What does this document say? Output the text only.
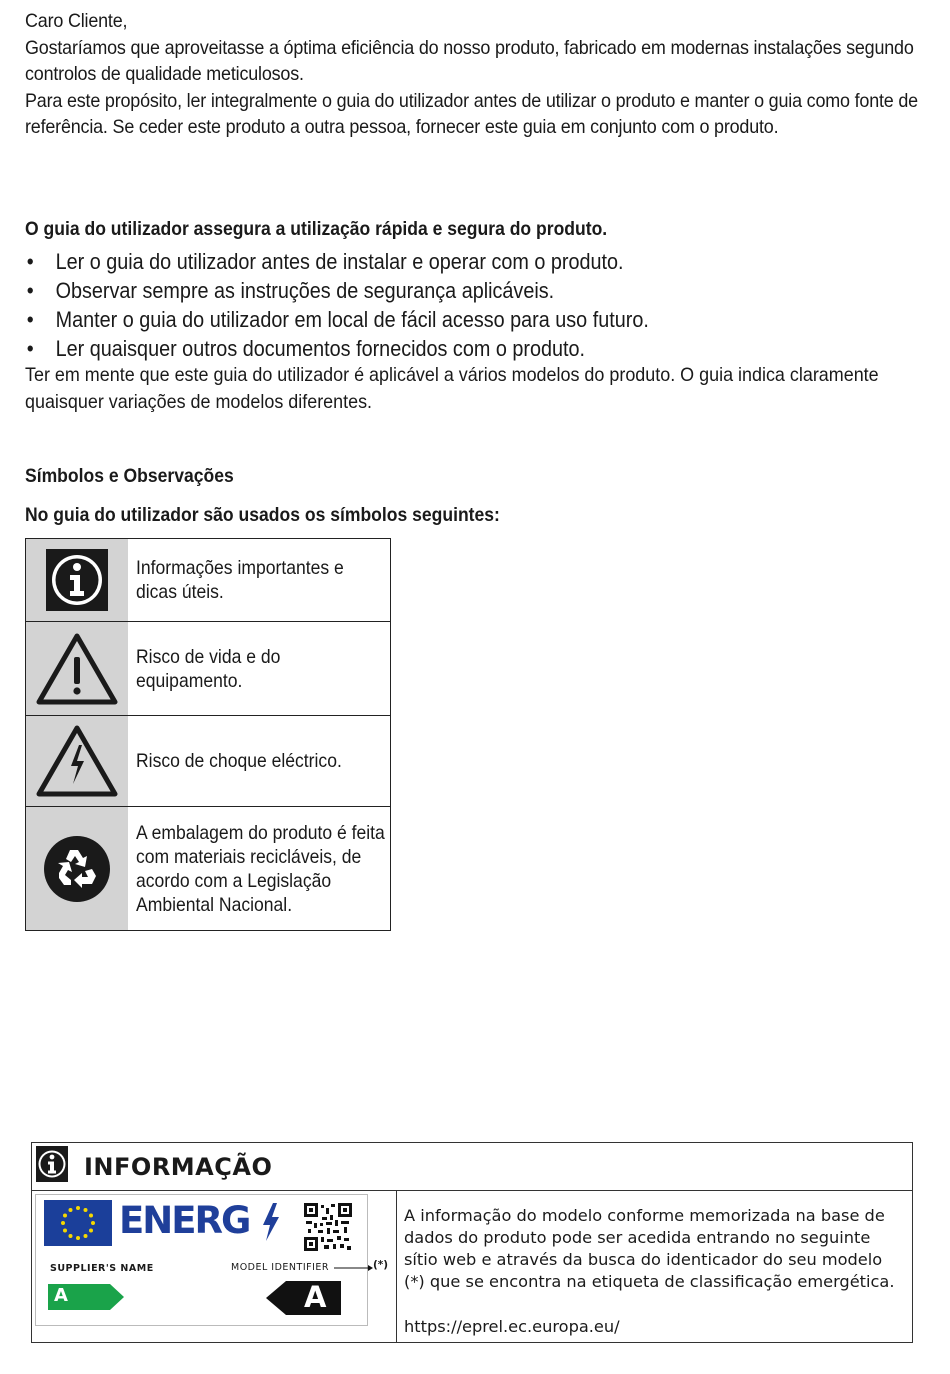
Caro Cliente,

Gostaríamos que aproveitasse a óptima eficiência do nosso produto, fabricado em modernas instalações segundo controlos de qualidade meticulosos.

Para este propósito, ler integralmente o guia do utilizador antes de utilizar o produto e manter o guia como fonte de referência. Se ceder este produto a outra pessoa, fornecer este guia em conjunto com o produto.

O guia do utilizador assegura a utilização rápida e segura do produto.
• Ler o guia do utilizador antes de instalar e operar com o produto.
• Observar sempre as instruções de segurança aplicáveis.
• Manter o guia do utilizador em local de fácil acesso para uso futuro.
• Ler quaisquer outros documentos fornecidos com o produto.
Ter em mente que este guia do utilizador é aplicável a vários modelos do produto. O guia indica claramente quaisquer variações de modelos diferentes.
Símbolos e Observações
No guia do utilizador são usados os símbolos seguintes:
Informações importantes e dicas úteis.
Risco de vida e do equipamento.
Risco de choque eléctrico.
A embalagem do produto é feita com materiais recicláveis, de acordo com a Legislação Ambiental Nacional.
INFORMAÇÃO
ENERG
SUPPLIER'S NAME	MODEL IDENTIFIER
A	A
(*)

A informação do modelo conforme memorizada na base de dados do produto pode ser acedida entrando no seguinte sítio web e através da busca do identicador do seu modelo (*) que se encontra na etiqueta de classificação emergética.

https://eprel.ec.europa.eu/
